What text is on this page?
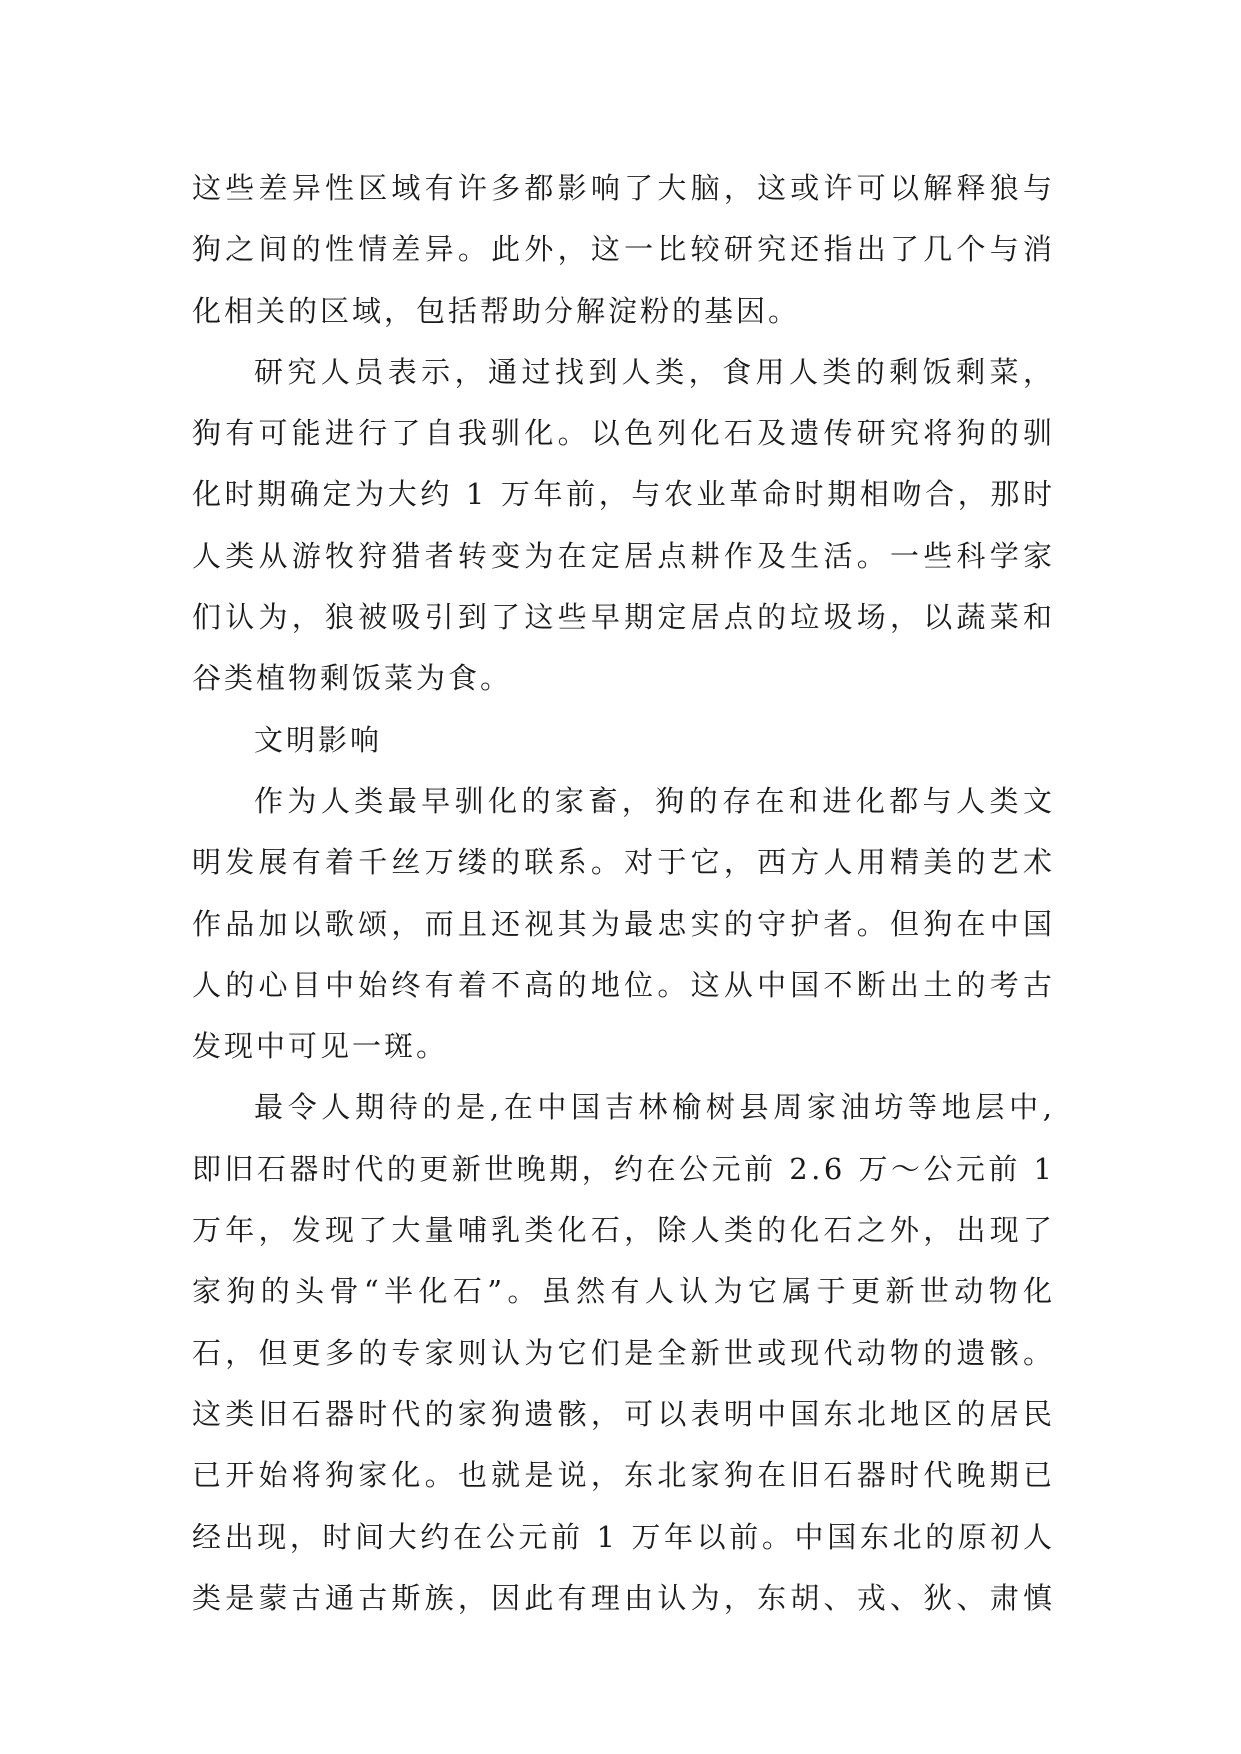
这些差异性区域有许多都影响了大脑，这或许可以解释狼与
狗之间的性情差异。此外，这一比较研究还指出了几个与消
化相关的区域，包括帮助分解淀粉的基因。
研究人员表示，通过找到人类，食用人类的剩饭剩菜，
狗有可能进行了自我驯化。以色列化石及遗传研究将狗的驯
化时期确定为大约 1 万年前，与农业革命时期相吻合，那时
人类从游牧狩猎者转变为在定居点耕作及生活。一些科学家
们认为，狼被吸引到了这些早期定居点的垃圾场，以蔬菜和
谷类植物剩饭菜为食。
文明影响
作为人类最早驯化的家畜，狗的存在和进化都与人类文
明发展有着千丝万缕的联系。对于它，西方人用精美的艺术
作品加以歌颂，而且还视其为最忠实的守护者。但狗在中国
人的心目中始终有着不高的地位。这从中国不断出土的考古
发现中可见一斑。
最令人期待的是,在中国吉林榆树县周家油坊等地层中,
即旧石器时代的更新世晚期，约在公元前 2.6 万～公元前 1
万年，发现了大量哺乳类化石，除人类的化石之外，出现了
家狗的头骨“半化石”。虽然有人认为它属于更新世动物化
石，但更多的专家则认为它们是全新世或现代动物的遗骸。
这类旧石器时代的家狗遗骸，可以表明中国东北地区的居民
已开始将狗家化。也就是说，东北家狗在旧石器时代晚期已
经出现，时间大约在公元前 1 万年以前。中国东北的原初人
类是蒙古通古斯族，因此有理由认为，东胡、戎、狄、肃慎
